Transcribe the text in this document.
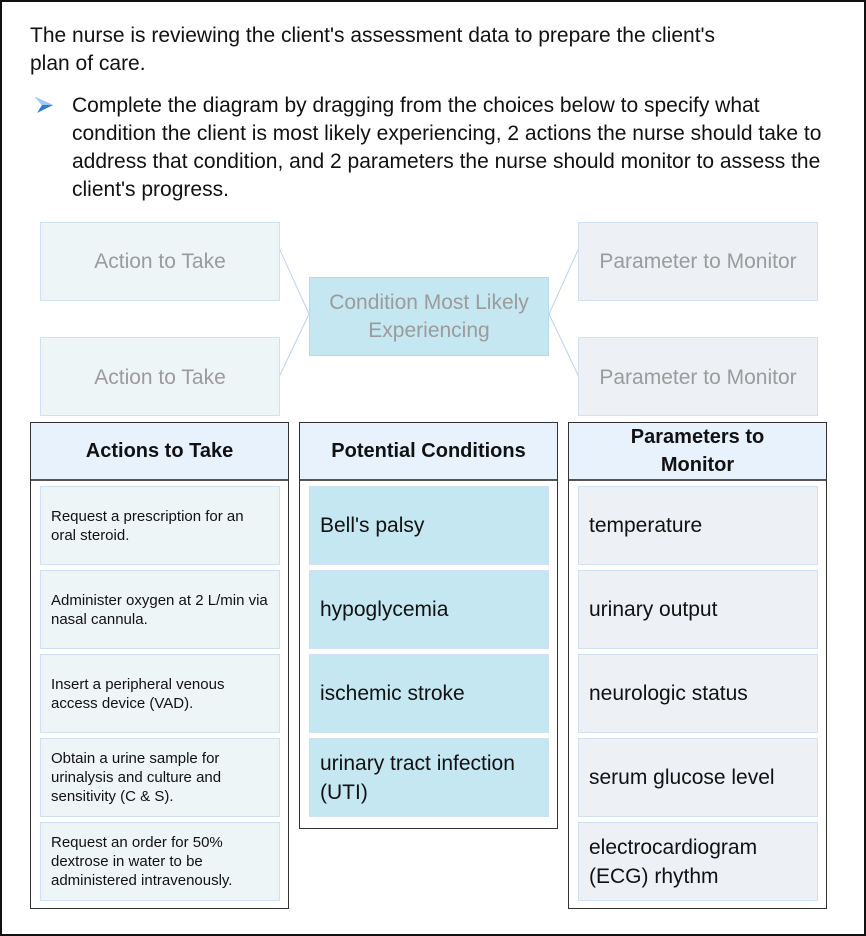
The nurse is reviewing the client's assessment data to prepare the client's plan of care.
Complete the diagram by dragging from the choices below to specify what condition the client is most likely experiencing, 2 actions the nurse should take to address that condition, and 2 parameters the nurse should monitor to assess the client's progress.
Action to Take
Action to Take
Condition Most Likely Experiencing
Parameter to Monitor
Parameter to Monitor
Actions to Take
Request a prescription for an oral steroid.
Administer oxygen at 2 L/min via nasal cannula.
Insert a peripheral venous access device (VAD).
Obtain a urine sample for urinalysis and culture and sensitivity (C & S).
Request an order for 50% dextrose in water to be administered intravenously.
Potential Conditions
Bell's palsy
hypoglycemia
ischemic stroke
urinary tract infection (UTI)
Parameters to Monitor
temperature
urinary output
neurologic status
serum glucose level
electrocardiogram (ECG) rhythm
